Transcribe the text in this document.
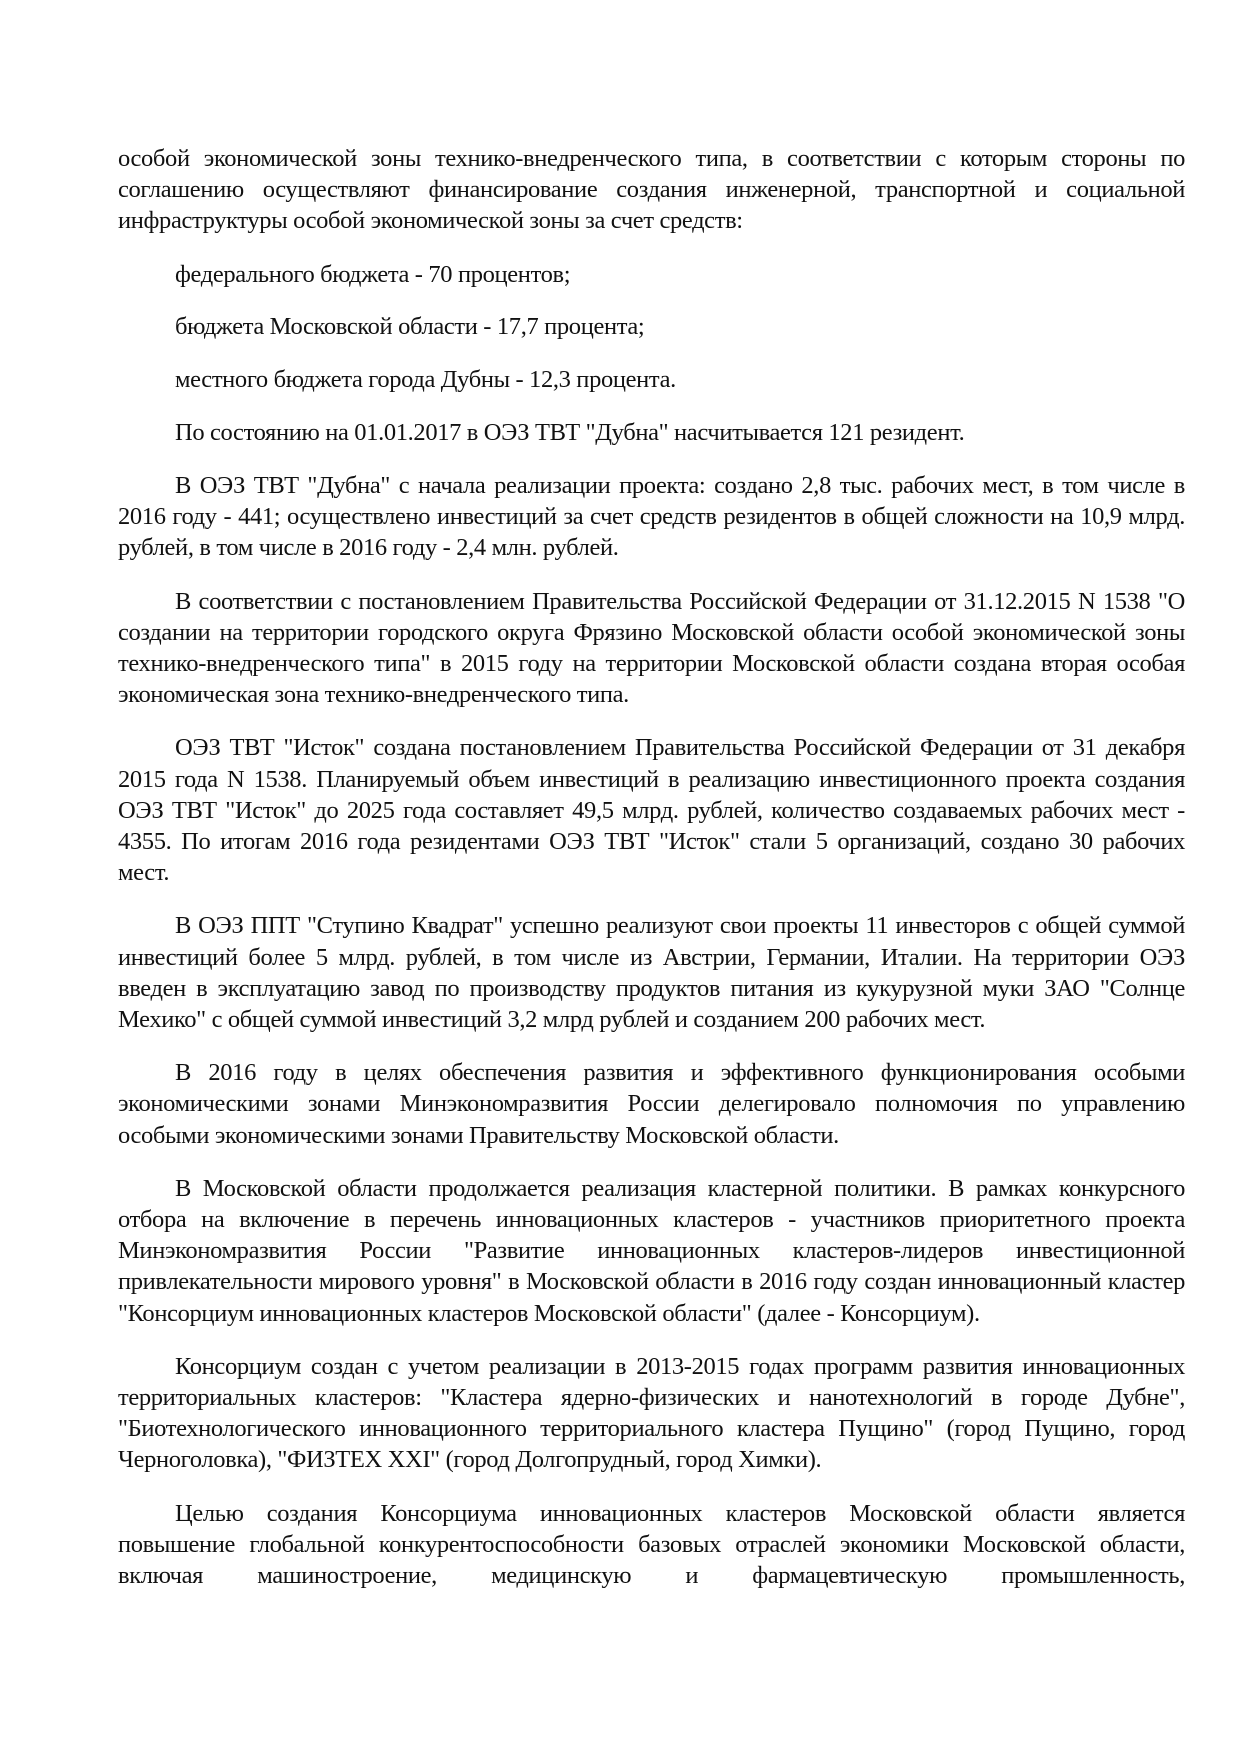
особой экономической зоны технико-внедренческого типа, в соответствии с которым стороны по соглашению осуществляют финансирование создания инженерной, транспортной и социальной инфраструктуры особой экономической зоны за счет средств:

федерального бюджета - 70 процентов;

бюджета Московской области - 17,7 процента;

местного бюджета города Дубны - 12,3 процента.

По состоянию на 01.01.2017 в ОЭЗ ТВТ "Дубна" насчитывается 121 резидент.

В ОЭЗ ТВТ "Дубна" с начала реализации проекта: создано 2,8 тыс. рабочих мест, в том числе в 2016 году - 441; осуществлено инвестиций за счет средств резидентов в общей сложности на 10,9 млрд. рублей, в том числе в 2016 году - 2,4 млн. рублей.

В соответствии с постановлением Правительства Российской Федерации от 31.12.2015 N 1538 "О создании на территории городского округа Фрязино Московской области особой экономической зоны технико-внедренческого типа" в 2015 году на территории Московской области создана вторая особая экономическая зона технико-внедренческого типа.

ОЭЗ ТВТ "Исток" создана постановлением Правительства Российской Федерации от 31 декабря 2015 года N 1538. Планируемый объем инвестиций в реализацию инвестиционного проекта создания ОЭЗ ТВТ "Исток" до 2025 года составляет 49,5 млрд. рублей, количество создаваемых рабочих мест - 4355. По итогам 2016 года резидентами ОЭЗ ТВТ "Исток" стали 5 организаций, создано 30 рабочих мест.

В ОЭЗ ППТ "Ступино Квадрат" успешно реализуют свои проекты 11 инвесторов с общей суммой инвестиций более 5 млрд. рублей, в том числе из Австрии, Германии, Италии. На территории ОЭЗ введен в эксплуатацию завод по производству продуктов питания из кукурузной муки ЗАО "Солнце Мехико" с общей суммой инвестиций 3,2 млрд рублей и созданием 200 рабочих мест.

В 2016 году в целях обеспечения развития и эффективного функционирования особыми экономическими зонами Минэкономразвития России делегировало полномочия по управлению особыми экономическими зонами Правительству Московской области.

В Московской области продолжается реализация кластерной политики. В рамках конкурсного отбора на включение в перечень инновационных кластеров - участников приоритетного проекта Минэкономразвития России "Развитие инновационных кластеров-лидеров инвестиционной привлекательности мирового уровня" в Московской области в 2016 году создан инновационный кластер "Консорциум инновационных кластеров Московской области" (далее - Консорциум).

Консорциум создан с учетом реализации в 2013-2015 годах программ развития инновационных территориальных кластеров: "Кластера ядерно-физических и нанотехнологий в городе Дубне", "Биотехнологического инновационного территориального кластера Пущино" (город Пущино, город Черноголовка), "ФИЗТЕХ XXI" (город Долгопрудный, город Химки).

Целью создания Консорциума инновационных кластеров Московской области является повышение глобальной конкурентоспособности базовых отраслей экономики Московской области, включая машиностроение, медицинскую и фармацевтическую промышленность,
